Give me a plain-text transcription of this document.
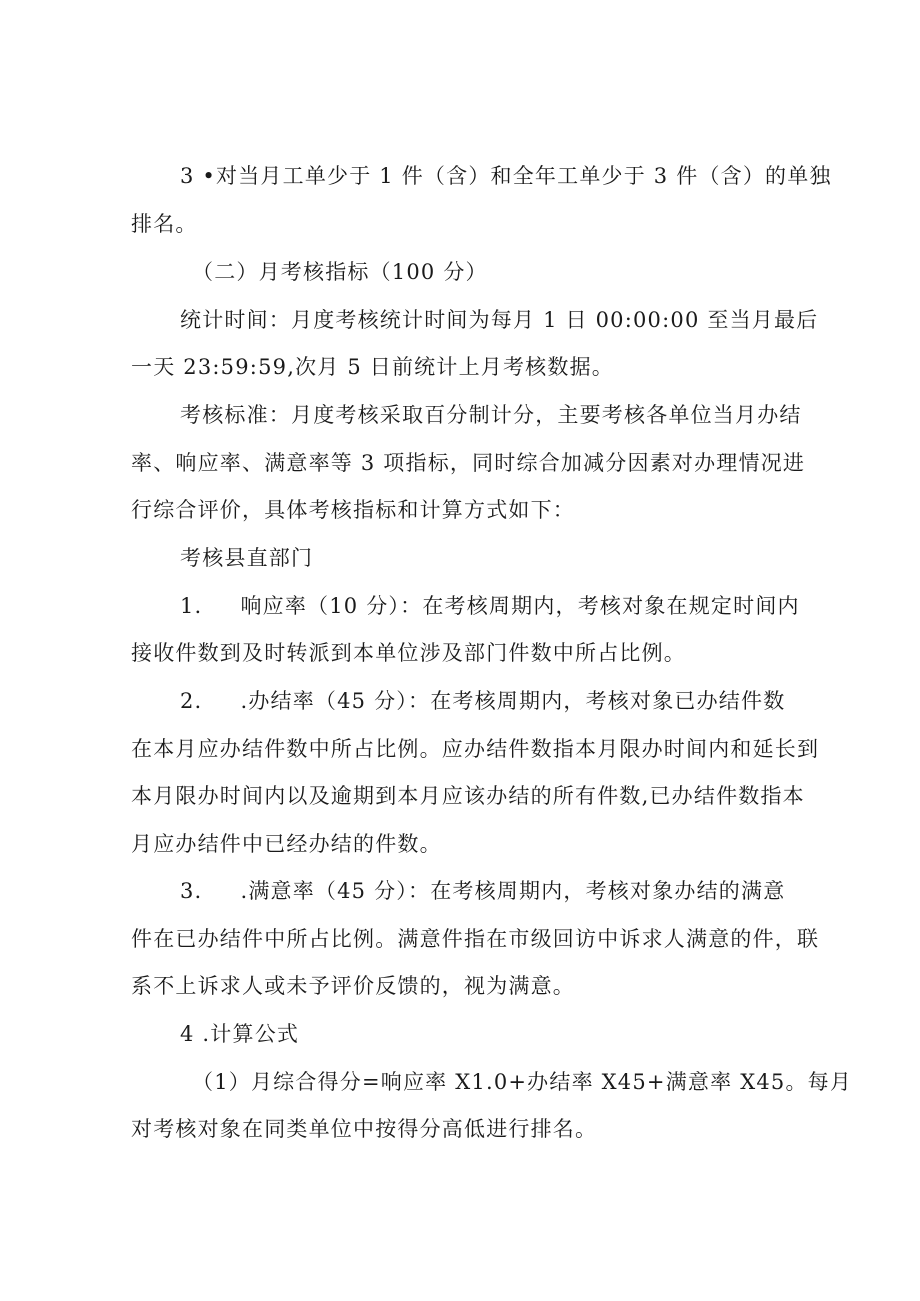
3 •对当月工单少于 1 件（含）和全年工单少于 3 件（含）的单独
排名。
（二）月考核指标（100 分）
统计时间：月度考核统计时间为每月 1 日 00:00:00 至当月最后
一天 23:59:59,次月 5 日前统计上月考核数据。
考核标准：月度考核采取百分制计分，主要考核各单位当月办结
率、响应率、满意率等 3 项指标，同时综合加减分因素对办理情况进
行综合评价，具体考核指标和计算方式如下：
考核县直部门
1. 响应率（10 分）：在考核周期内，考核对象在规定时间内
接收件数到及时转派到本单位涉及部门件数中所占比例。
2. .办结率（45 分）：在考核周期内，考核对象已办结件数
在本月应办结件数中所占比例。应办结件数指本月限办时间内和延长到
本月限办时间内以及逾期到本月应该办结的所有件数,已办结件数指本
月应办结件中已经办结的件数。
3. .满意率（45 分）：在考核周期内，考核对象办结的满意
件在已办结件中所占比例。满意件指在市级回访中诉求人满意的件，联
系不上诉求人或未予评价反馈的，视为满意。
4 .计算公式
（1）月综合得分=响应率 X1.0+办结率 X45+满意率 X45。每月
对考核对象在同类单位中按得分高低进行排名。
